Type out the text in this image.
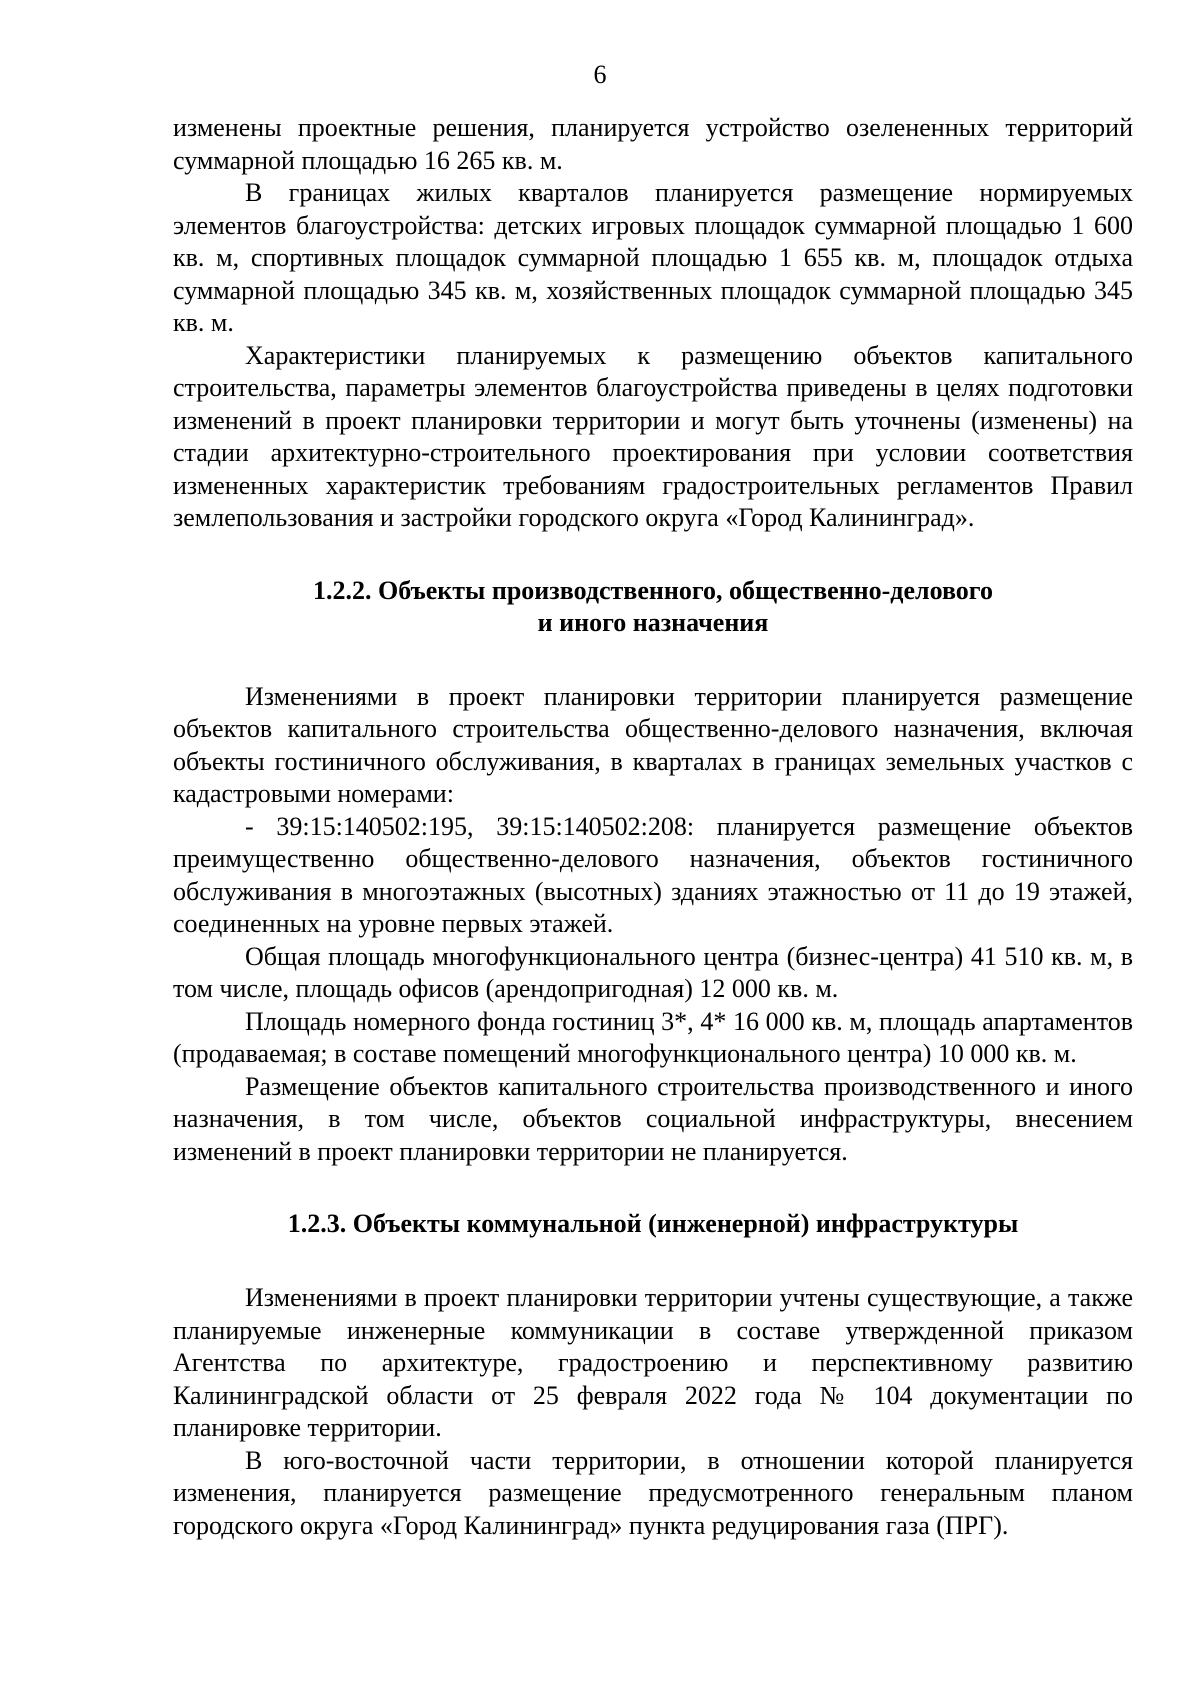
6

изменены проектные решения, планируется устройство озелененных территорий суммарной площадью 16 265 кв. м.

В границах жилых кварталов планируется размещение нормируемых элементов благоустройства: детских игровых площадок суммарной площадью 1 600 кв. м, спортивных площадок суммарной площадью 1 655 кв. м, площадок отдыха суммарной площадью 345 кв. м, хозяйственных площадок суммарной площадью 345 кв. м.

Характеристики планируемых к размещению объектов капитального строительства, параметры элементов благоустройства приведены в целях подготовки изменений в проект планировки территории и могут быть уточнены (изменены) на стадии архитектурно-строительного проектирования при условии соответствия измененных характеристик требованиям градостроительных регламентов Правил землепользования и застройки городского округа «Город Калининград».

1.2.2. Объекты производственного, общественно-делового
и иного назначения

Изменениями в проект планировки территории планируется размещение объектов капитального строительства общественно-делового назначения, включая объекты гостиничного обслуживания, в кварталах в границах земельных участков с кадастровыми номерами:

- 39:15:140502:195, 39:15:140502:208: планируется размещение объектов преимущественно общественно-делового назначения, объектов гостиничного обслуживания в многоэтажных (высотных) зданиях этажностью от 11 до 19 этажей, соединенных на уровне первых этажей.

Общая площадь многофункционального центра (бизнес-центра) 41 510 кв. м, в том числе, площадь офисов (арендопригодная) 12 000 кв. м.

Площадь номерного фонда гостиниц 3*, 4* 16 000 кв. м, площадь апартаментов (продаваемая; в составе помещений многофункционального центра) 10 000 кв. м.

Размещение объектов капитального строительства производственного и иного назначения, в том числе, объектов социальной инфраструктуры, внесением изменений в проект планировки территории не планируется.

1.2.3. Объекты коммунальной (инженерной) инфраструктуры

Изменениями в проект планировки территории учтены существующие, а также планируемые инженерные коммуникации в составе утвержденной приказом Агентства по архитектуре, градостроению и перспективному развитию Калининградской области от 25 февраля 2022 года № 104 документации по планировке территории.

В юго-восточной части территории, в отношении которой планируется изменения, планируется размещение предусмотренного генеральным планом городского округа «Город Калининград» пункта редуцирования газа (ПРГ).
